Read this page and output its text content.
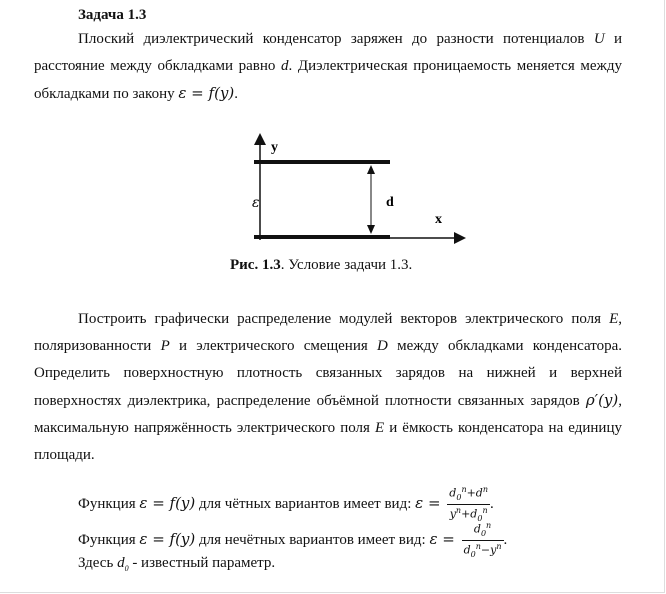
Задача 1.3
Плоский диэлектрический конденсатор заряжен до разности потенциалов U и расстояние между обкладками равно d. Диэлектрическая проницаемость меняется между обкладками по закону ε = f(y).
y
x
ε	d
Рис. 1.3. Условие задачи 1.3.
Построить графически распределение модулей векторов электрического поля E, поляризованности P и электрического смещения D между обкладками конденсатора. Определить поверхностную плотность связанных зарядов на нижней и верхней поверхностях диэлектрика, распределение объёмной плотности связанных зарядов ρ′(y), максимальную напряжённость электрического поля E и ёмкость конденсатора на единицу площади.
Функция ε = f(y) для чётных вариантов имеет вид: $\varepsilon = \frac{d_0^n+d^n}{y^n+d_0^n}$ .
Функция ε = f(y) для нечётных вариантов имеет вид: $\varepsilon = \frac{d_0^n}{d_0^n-y^n}$ .
Здесь $d_0$ - известный параметр.
